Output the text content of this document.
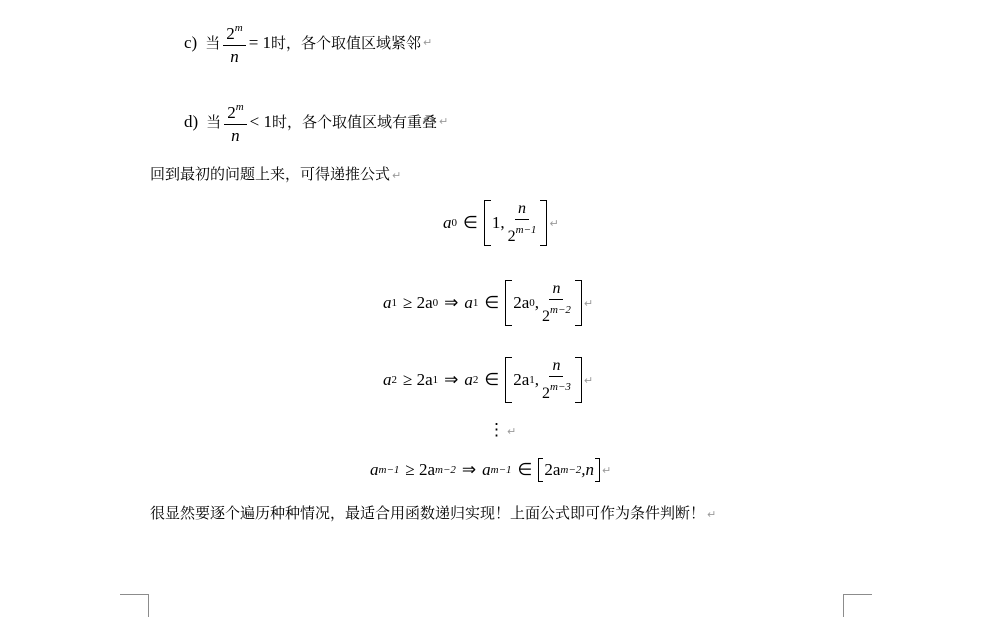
c) 当 $\frac{2^m}{n} = 1$ 时，各个取值区域紧邻 ↵
d) 当 $\frac{2^m}{n} < 1$ 时，各个取值区域有重叠 ↵
回到最初的问题上来，可得递推公式 ↵
a 0 ∈ 1, $\frac{n}{2^{m-1}}$ ↵
a 1 ≥ 2a 0 ⇒ a 1 ∈ 2a 0 , $\frac{n}{2^{m-2}}$ ↵
a 2 ≥ 2a 1 ⇒ a 2 ∈ 2a 1 , $\frac{n}{2^{m-3}}$ ↵
⋮ ↵
a m−1 ≥ 2a m−2 ⇒ a m−1 ∈ 2a m−2 ,n ↵
很显然要逐个遍历种种情况，最适合用函数递归实现！上面公式即可作为条件判断！ ↵
